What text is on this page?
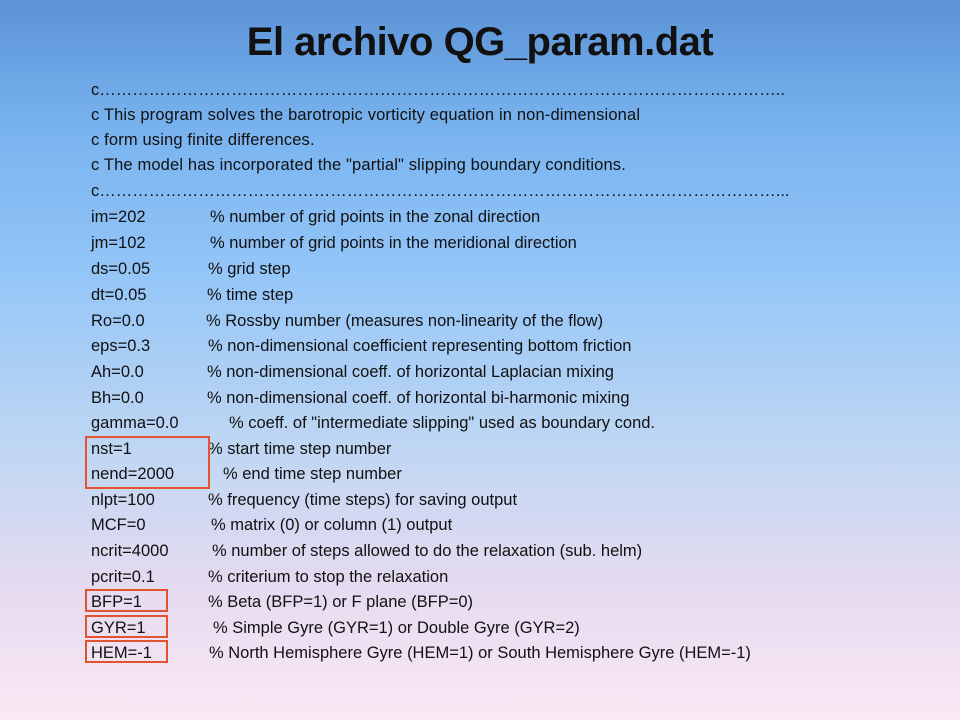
El archivo QG_param.dat
c……………………………………………………………………………………………………………..
c This program solves the barotropic vorticity equation in non-dimensional
c form using finite differences.
c The model has incorporated the "partial" slipping boundary conditions.
c……………………………………………………………………………………………………………...
im=202	% number of grid points in the zonal direction
jm=102	% number of grid points in the meridional direction
ds=0.05	% grid step
dt=0.05	% time step
Ro=0.0	% Rossby number (measures non-linearity of the flow)
eps=0.3	% non-dimensional coefficient representing bottom friction
Ah=0.0	% non-dimensional coeff. of horizontal Laplacian mixing
Bh=0.0	% non-dimensional coeff. of horizontal bi-harmonic mixing
gamma=0.0	% coeff. of "intermediate slipping" used as boundary cond.
nst=1	% start time step number
nend=2000	% end time step number
nlpt=100	% frequency (time steps) for saving output
MCF=0	% matrix (0) or column (1) output
ncrit=4000	% number of steps allowed to do the relaxation (sub. helm)
pcrit=0.1	% criterium to stop the relaxation
BFP=1	% Beta (BFP=1) or F plane (BFP=0)
GYR=1	% Simple Gyre (GYR=1) or Double Gyre (GYR=2)
HEM=-1	% North Hemisphere Gyre (HEM=1) or South Hemisphere Gyre (HEM=-1)
